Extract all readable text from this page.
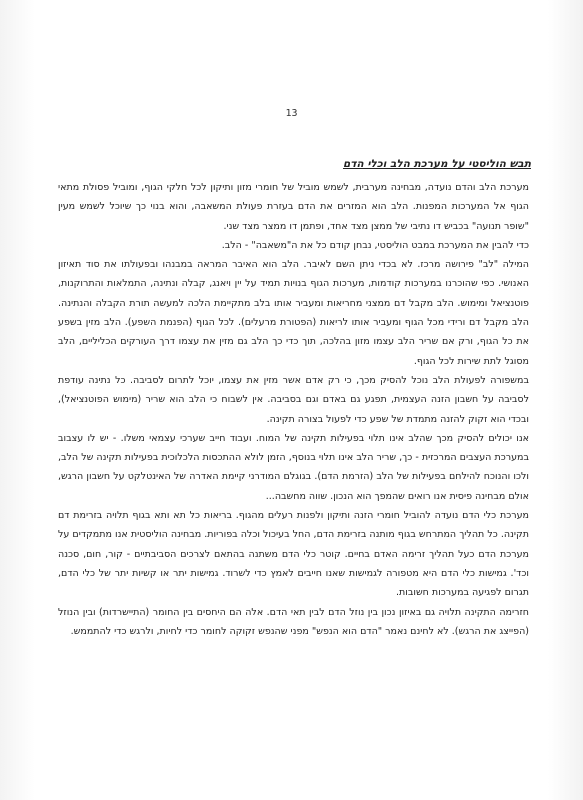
13
תבש הוליסטי על מערכת הלב וכלי הדם

מערכת הלב והדם נועדה, מבחינה מערבית, לשמש מוביל של חומרי מזון ותיקון לכל חלקי הגוף, ומוביל פסולת מתאי הגוף אל המערכות המפנות. הלב הוא המזרים את הדם בעזרת פעולת המשאבה, והוא בנוי כך שיוכל לשמש מעין "שופר תנועה" בכביש דו נתיבי של ממצן מצד אחד, ופתמן דו ממצר מצד שני.

כדי להבין את המערכת במבט הוליסטי, נבחן קודם כל את ה"משאבה" - הלב.

המילה "לב" פירושה מרכז. לא בכדי ניתן השם לאיבר. הלב הוא האיבר המראה במבנהו ובפעולתו את סוד תאיזון האנושי. כפי שהוכרנו במערכות קודמות, מערכות הגוף בנויות תמיד על יין ויאנג, קבלה ונתינה, התמלאות והתרוקנות, פוטנציאל ומימוש. הלב מקבל דם ממצני מחריאות ומעביר אותו בלב מתקיימת הלכה למעשה תורת הקבלה והנתינה. הלב מקבל דם ורידי מכל הגוף ומעביר אותו לריאות (הפטורת מרעלים). לכל הגוף (הפנמת השפע). הלב מזין בשפע את כל הגוף, ורק אם שריר הלב עצמו מזון בהלכה, תוך כדי כך הלב גם מזין את עצמו דרך העורקים הכליליים, הלב מסוגל לתת שירות לכל הגוף.

במשפורה לפעולת הלב נוכל להסיק מכך, כי רק אדם אשר מזין את עצמו, יוכל לתרום לסביבה. כל נתינה עודפת לסביבה על חשבון הזנה העצמית, תפגע גם באדם וגם בסביבה. אין לשבוח כי הלב הוא שריר (מימוש הפוטנציאל), ובכדי הוא זקוק להזנה מתמדת של שפע כדי לפעול בצורה תקינה.

אנו יכולים להסיק מכך שהלב אינו תלוי בפעילות תקינה של המוח. ועבוד חייב שערכי עצמאי משלו. - יש לו עצבוב במערכת העצבים המרכזית - כך, שריר הלב אינו תלוי בנוסף, הזמן לולא ההתכסות הלכלוכית בפעילות תקינה של הלב, ולכו והנוכח להילחם בפעילות של הלב (הזרמת הדם). בגוגלם המודרני קיימת האדרה של האינטלקט על חשבון הרגש, אולם מבחינה פיסית אנו רואים שהמפך הוא הנכון. שווה מחשבה...

מערכת כלי הדם נועדה להוביל חומרי הזנה ותיקון ולפנות רעלים מהגוף. בריאות כל תא ותא בגוף תלויה בזרימת דם תקינה. כל תהליך המתרחש בגוף מותנה בזרימת הדם, החל בעיכול וכלה בפוריות. מבחינה הוליסטית אנו מתמקדים על מערכת הדם כעל תהליך זרימה האדם בחיים. קוטר כלי הדם משתנה בהתאם לצרכים הסביבתיים - קור, חום, סכנה וכד'. גמישות כלי הדם היא מטפורה לגמישות שאנו חייבים לאמץ כדי לשרוד. גמישות יתר או קשיות יתר של כלי הדם, תגרום לפגיעה במערכות חשובות.

חזרימה התקינה תלויה גם באיזון נכון בין נוזל הדם לבין תאי הדם. אלה הם היחסים בין החומר (התיישרדות) ובין הנוזל (הפייצג את הרגש). לא לחינם נאמר "הדם הוא הנפש" מפני שהנפש זקוקה לחומר כדי לחיות, ולרגש כדי להתממש.
